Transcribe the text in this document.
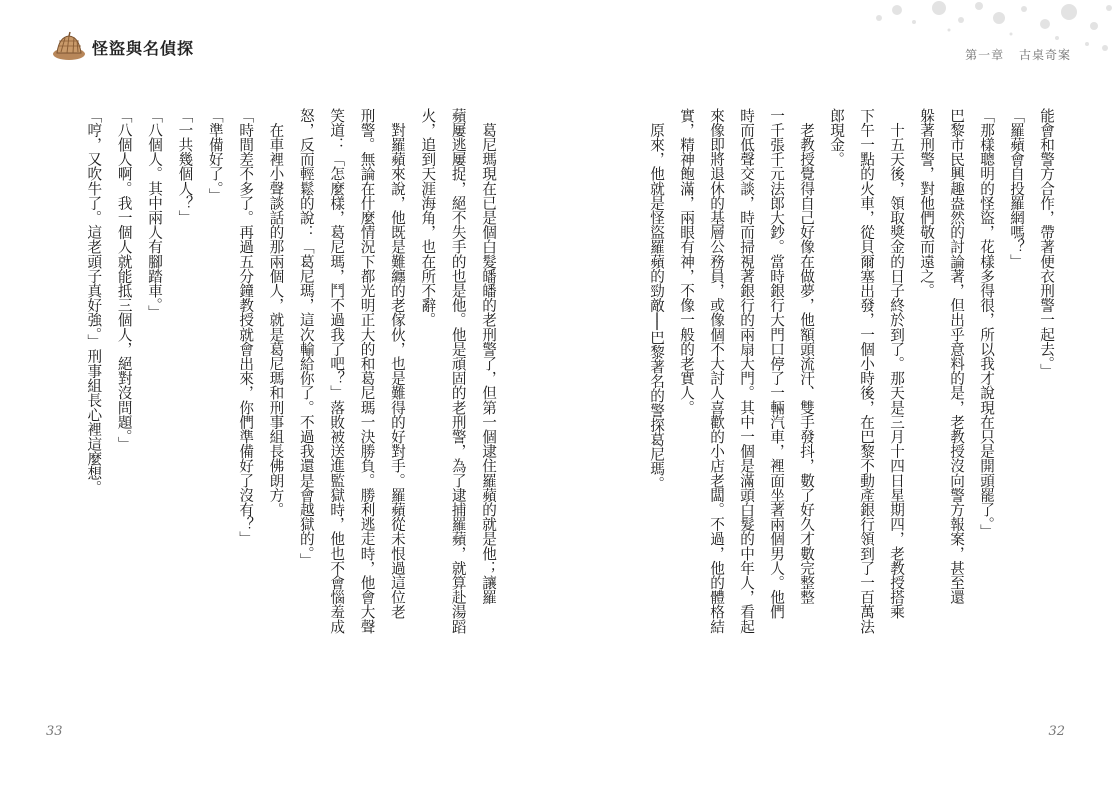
怪盜與名偵探	第一章 古桌奇案
能會和警方合作，帶著便衣刑警一起去。」
「羅蘋會自投羅網嗎？」
「那樣聰明的怪盜，花樣多得很，所以我才說現在只是開頭罷了。」
巴黎市民興趣盎然的討論著，但出乎意料的是，老教授沒向警方報案，甚至還
躲著刑警，對他們敬而遠之。
　十五天後，領取獎金的日子終於到了。那天是三月十四日星期四，老教授搭乘
下午一點的火車，從貝爾塞出發，一個小時後，在巴黎不動產銀行領到了一百萬法
郎現金。
　老教授覺得自己好像在做夢，他額頭流汗、雙手發抖，數了好久才數完整整
一千張千元法郎大鈔。當時銀行大門口停了一輛汽車，裡面坐著兩個男人。他們
時而低聲交談，時而掃視著銀行的兩扇大門。其中一個是滿頭白髮的中年人，看起
來像即將退休的基層公務員，或像個不大討人喜歡的小店老闆。不過，他的體格結
實，精神飽滿，兩眼有神，不像一般的老實人。
　原來，他就是怪盜羅蘋的勁敵──巴黎著名的警探葛尼瑪。
　葛尼瑪現在已是個白髮皤皤的老刑警了，但第一個逮住羅蘋的就是他；讓羅
蘋屢逃屢捉，絕不失手的也是他。他是頑固的老刑警，為了逮捕羅蘋，就算赴湯蹈
火，追到天涯海角，也在所不辭。
　對羅蘋來說，他既是難纏的老傢伙，也是難得的好對手。羅蘋從未恨過這位老
刑警。無論在什麼情況下都光明正大的和葛尼瑪一決勝負。勝利逃走時，他會大聲
笑道：「怎麼樣，葛尼瑪，鬥不過我了吧？」落敗被送進監獄時，他也不會惱羞成
怒，反而輕鬆的說：「葛尼瑪，這次輸給你了。不過我還是會越獄的。」
　在車裡小聲談話的那兩個人，就是葛尼瑪和刑事組長佛朗方。
「時間差不多了。再過五分鐘教授就會出來，你們準備好了沒有？」
「準備好了。」
「一共幾個人？」
「八個人。其中兩人有腳踏車。」
「八個人啊。我一個人就能抵三個人，絕對沒問題。」
「哼，又吹牛了。這老頭子真好強。」刑事組長心裡這麼想。
33	32
